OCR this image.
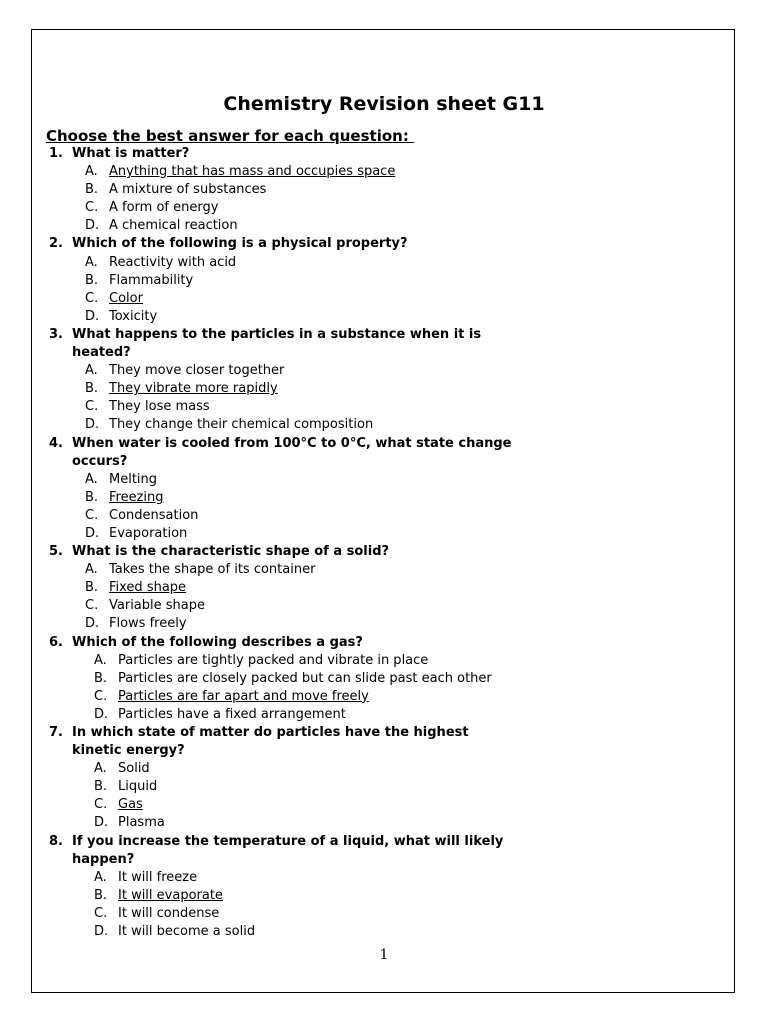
Chemistry Revision sheet G11
Choose the best answer for each question:
1. What is matter?
A. Anything that has mass and occupies space
B. A mixture of substances
C. A form of energy
D. A chemical reaction
2. Which of the following is a physical property?
A. Reactivity with acid
B. Flammability
C. Color
D. Toxicity
3. What happens to the particles in a substance when it is heated?
A. They move closer together
B. They vibrate more rapidly
C. They lose mass
D. They change their chemical composition
4. When water is cooled from 100°C to 0°C, what state change occurs?
A. Melting
B. Freezing
C. Condensation
D. Evaporation
5. What is the characteristic shape of a solid?
A. Takes the shape of its container
B. Fixed shape
C. Variable shape
D. Flows freely
6. Which of the following describes a gas?
A. Particles are tightly packed and vibrate in place
B. Particles are closely packed but can slide past each other
C. Particles are far apart and move freely
D. Particles have a fixed arrangement
7. In which state of matter do particles have the highest kinetic energy?
A. Solid
B. Liquid
C. Gas
D. Plasma
8. If you increase the temperature of a liquid, what will likely happen?
A. It will freeze
B. It will evaporate
C. It will condense
D. It will become a solid
1
